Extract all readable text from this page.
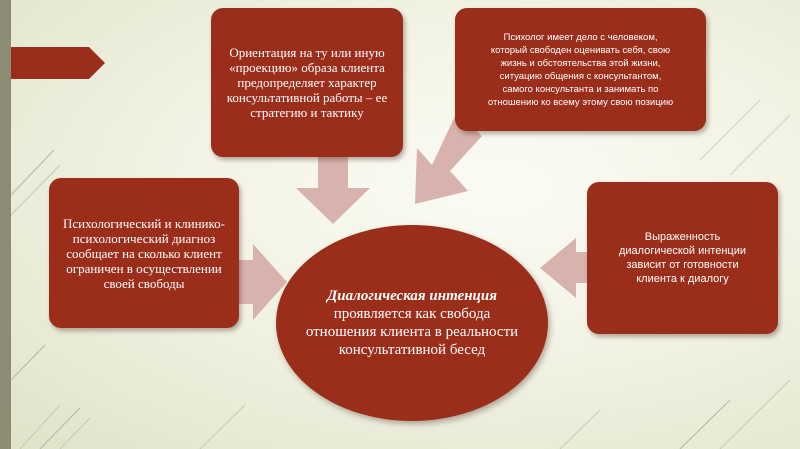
Ориентация на ту или иную «проекцию» образа клиента предопределяет характер консультативной работы – ее стратегию и тактику
Психолог имеет дело с человеком,
который свободен оценивать себя, свою
жизнь и обстоятельства этой жизни,
ситуацию общения с консультантом,
самого консультанта и занимать по
отношению ко всему этому свою позицию
Психологический и клинико-психологический диагноз сообщает на сколько клиент ограничен в осуществлении своей свободы
Выраженность
диалогической интенции
зависит от готовности
клиента к диалогу
Диалогическая интенция проявляется как свобода отношения клиента в реальности консультативной бесед
